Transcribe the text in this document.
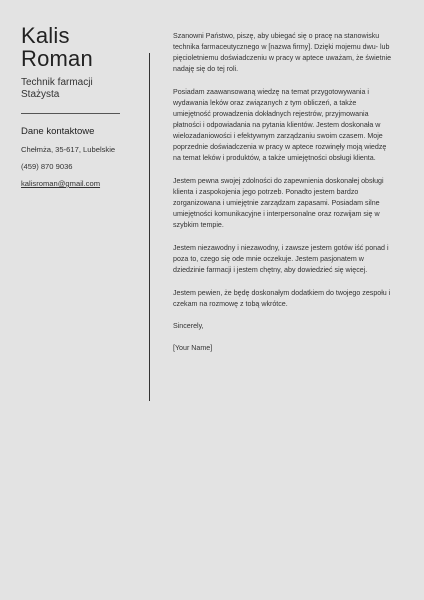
Kalis
Roman
Technik farmacji
Stażysta
Dane kontaktowe
Chełmża, 35-617, Lubelskie
(459) 870 9036
kalisroman@gmail.com

Szanowni Państwo, piszę, aby ubiegać się o pracę na stanowisku technika farmaceutycznego w [nazwa firmy]. Dzięki mojemu dwu- lub pięcioletniemu doświadczeniu w pracy w aptece uważam, że świetnie nadaję się do tej roli.

Posiadam zaawansowaną wiedzę na temat przygotowywania i wydawania leków oraz związanych z tym obliczeń, a także umiejętność prowadzenia dokładnych rejestrów, przyjmowania płatności i odpowiadania na pytania klientów. Jestem doskonała w wielozadaniowości i efektywnym zarządzaniu swoim czasem. Moje poprzednie doświadczenia w pracy w aptece rozwinęły moją wiedzę na temat leków i produktów, a także umiejętności obsługi klienta.

Jestem pewna swojej zdolności do zapewnienia doskonałej obsługi klienta i zaspokojenia jego potrzeb. Ponadto jestem bardzo zorganizowana i umiejętnie zarządzam zapasami. Posiadam silne umiejętności komunikacyjne i interpersonalne oraz rozwijam się w szybkim tempie.

Jestem niezawodny i niezawodny, i zawsze jestem gotów iść ponad i poza to, czego się ode mnie oczekuje. Jestem pasjonatem w dziedzinie farmacji i jestem chętny, aby dowiedzieć się więcej.

Jestem pewien, że będę doskonałym dodatkiem do twojego zespołu i czekam na rozmowę z tobą wkrótce.

Sincerely,

[Your Name]
